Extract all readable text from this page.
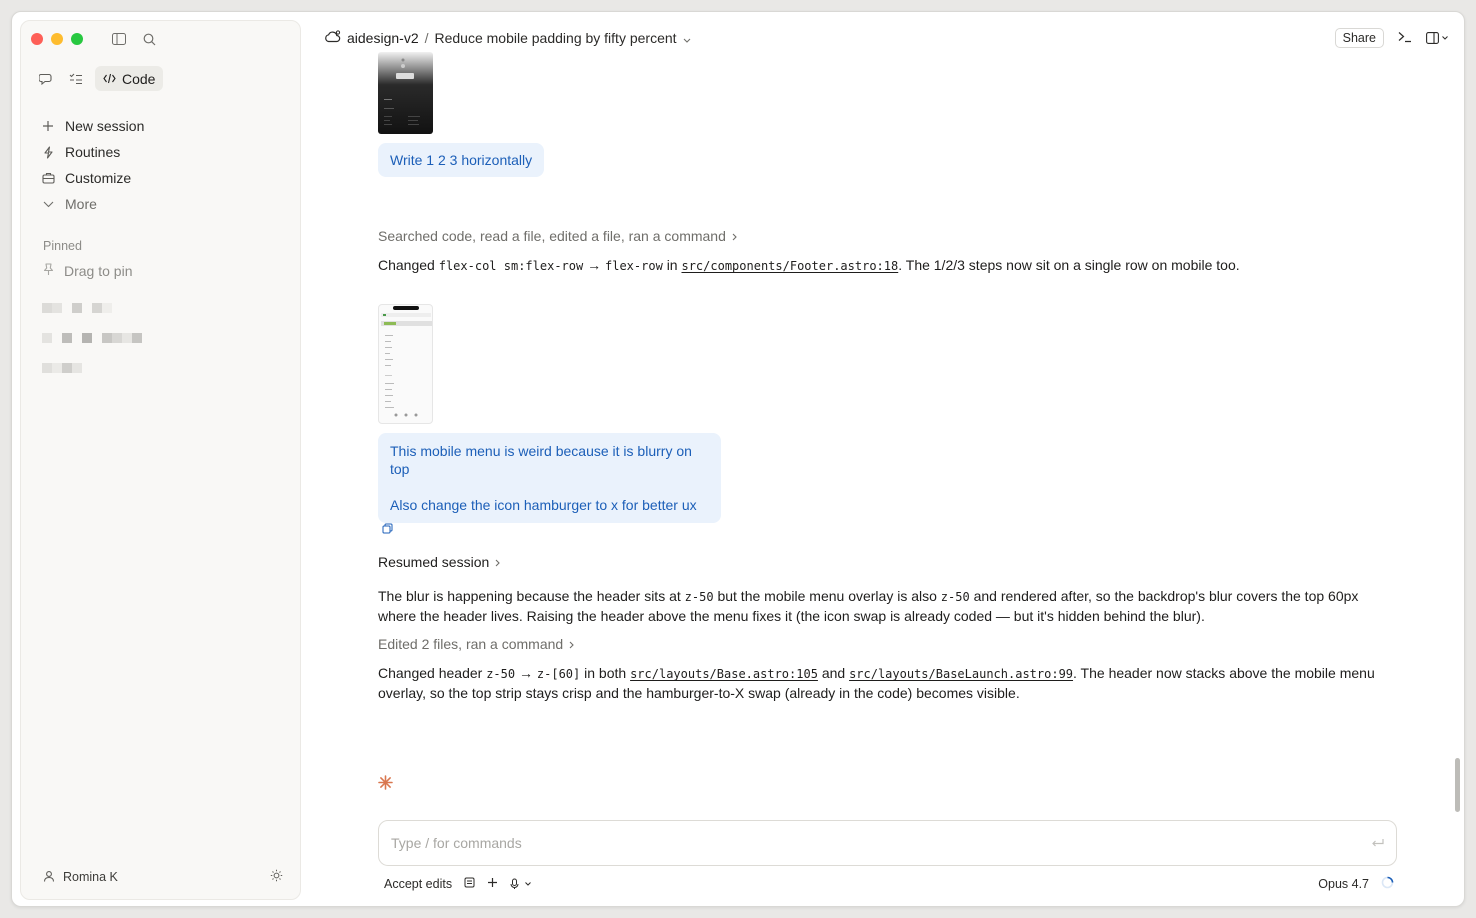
Code
New session
Routines
Customize
More
Pinned
Drag to pin
Romina K
aidesign-v2 / Reduce mobile padding by fifty percent	Share
Write 1 2 3 horizontally
Searched code, read a file, edited a file, ran a command
Changed flex-col sm:flex-row → flex-row in src/components/Footer.astro:18. The 1/2/3 steps now sit on a single row on mobile too.

This mobile menu is weird because it is blurry on top

Also change the icon hamburger to x for better ux

Resumed session
The blur is happening because the header sits at z-50 but the mobile menu overlay is also z-50 and rendered after, so the backdrop's blur covers the top 60px where the header lives. Raising the header above the menu fixes it (the icon swap is already coded — but it's hidden behind the blur).
Edited 2 files, ran a command
Changed header z-50 → z-[60] in both src/layouts/Base.astro:105 and src/layouts/BaseLaunch.astro:99. The header now stacks above the mobile menu overlay, so the top strip stays crisp and the hamburger-to-X swap (already in the code) becomes visible.
Type / for commands
Accept edits	Opus 4.7
